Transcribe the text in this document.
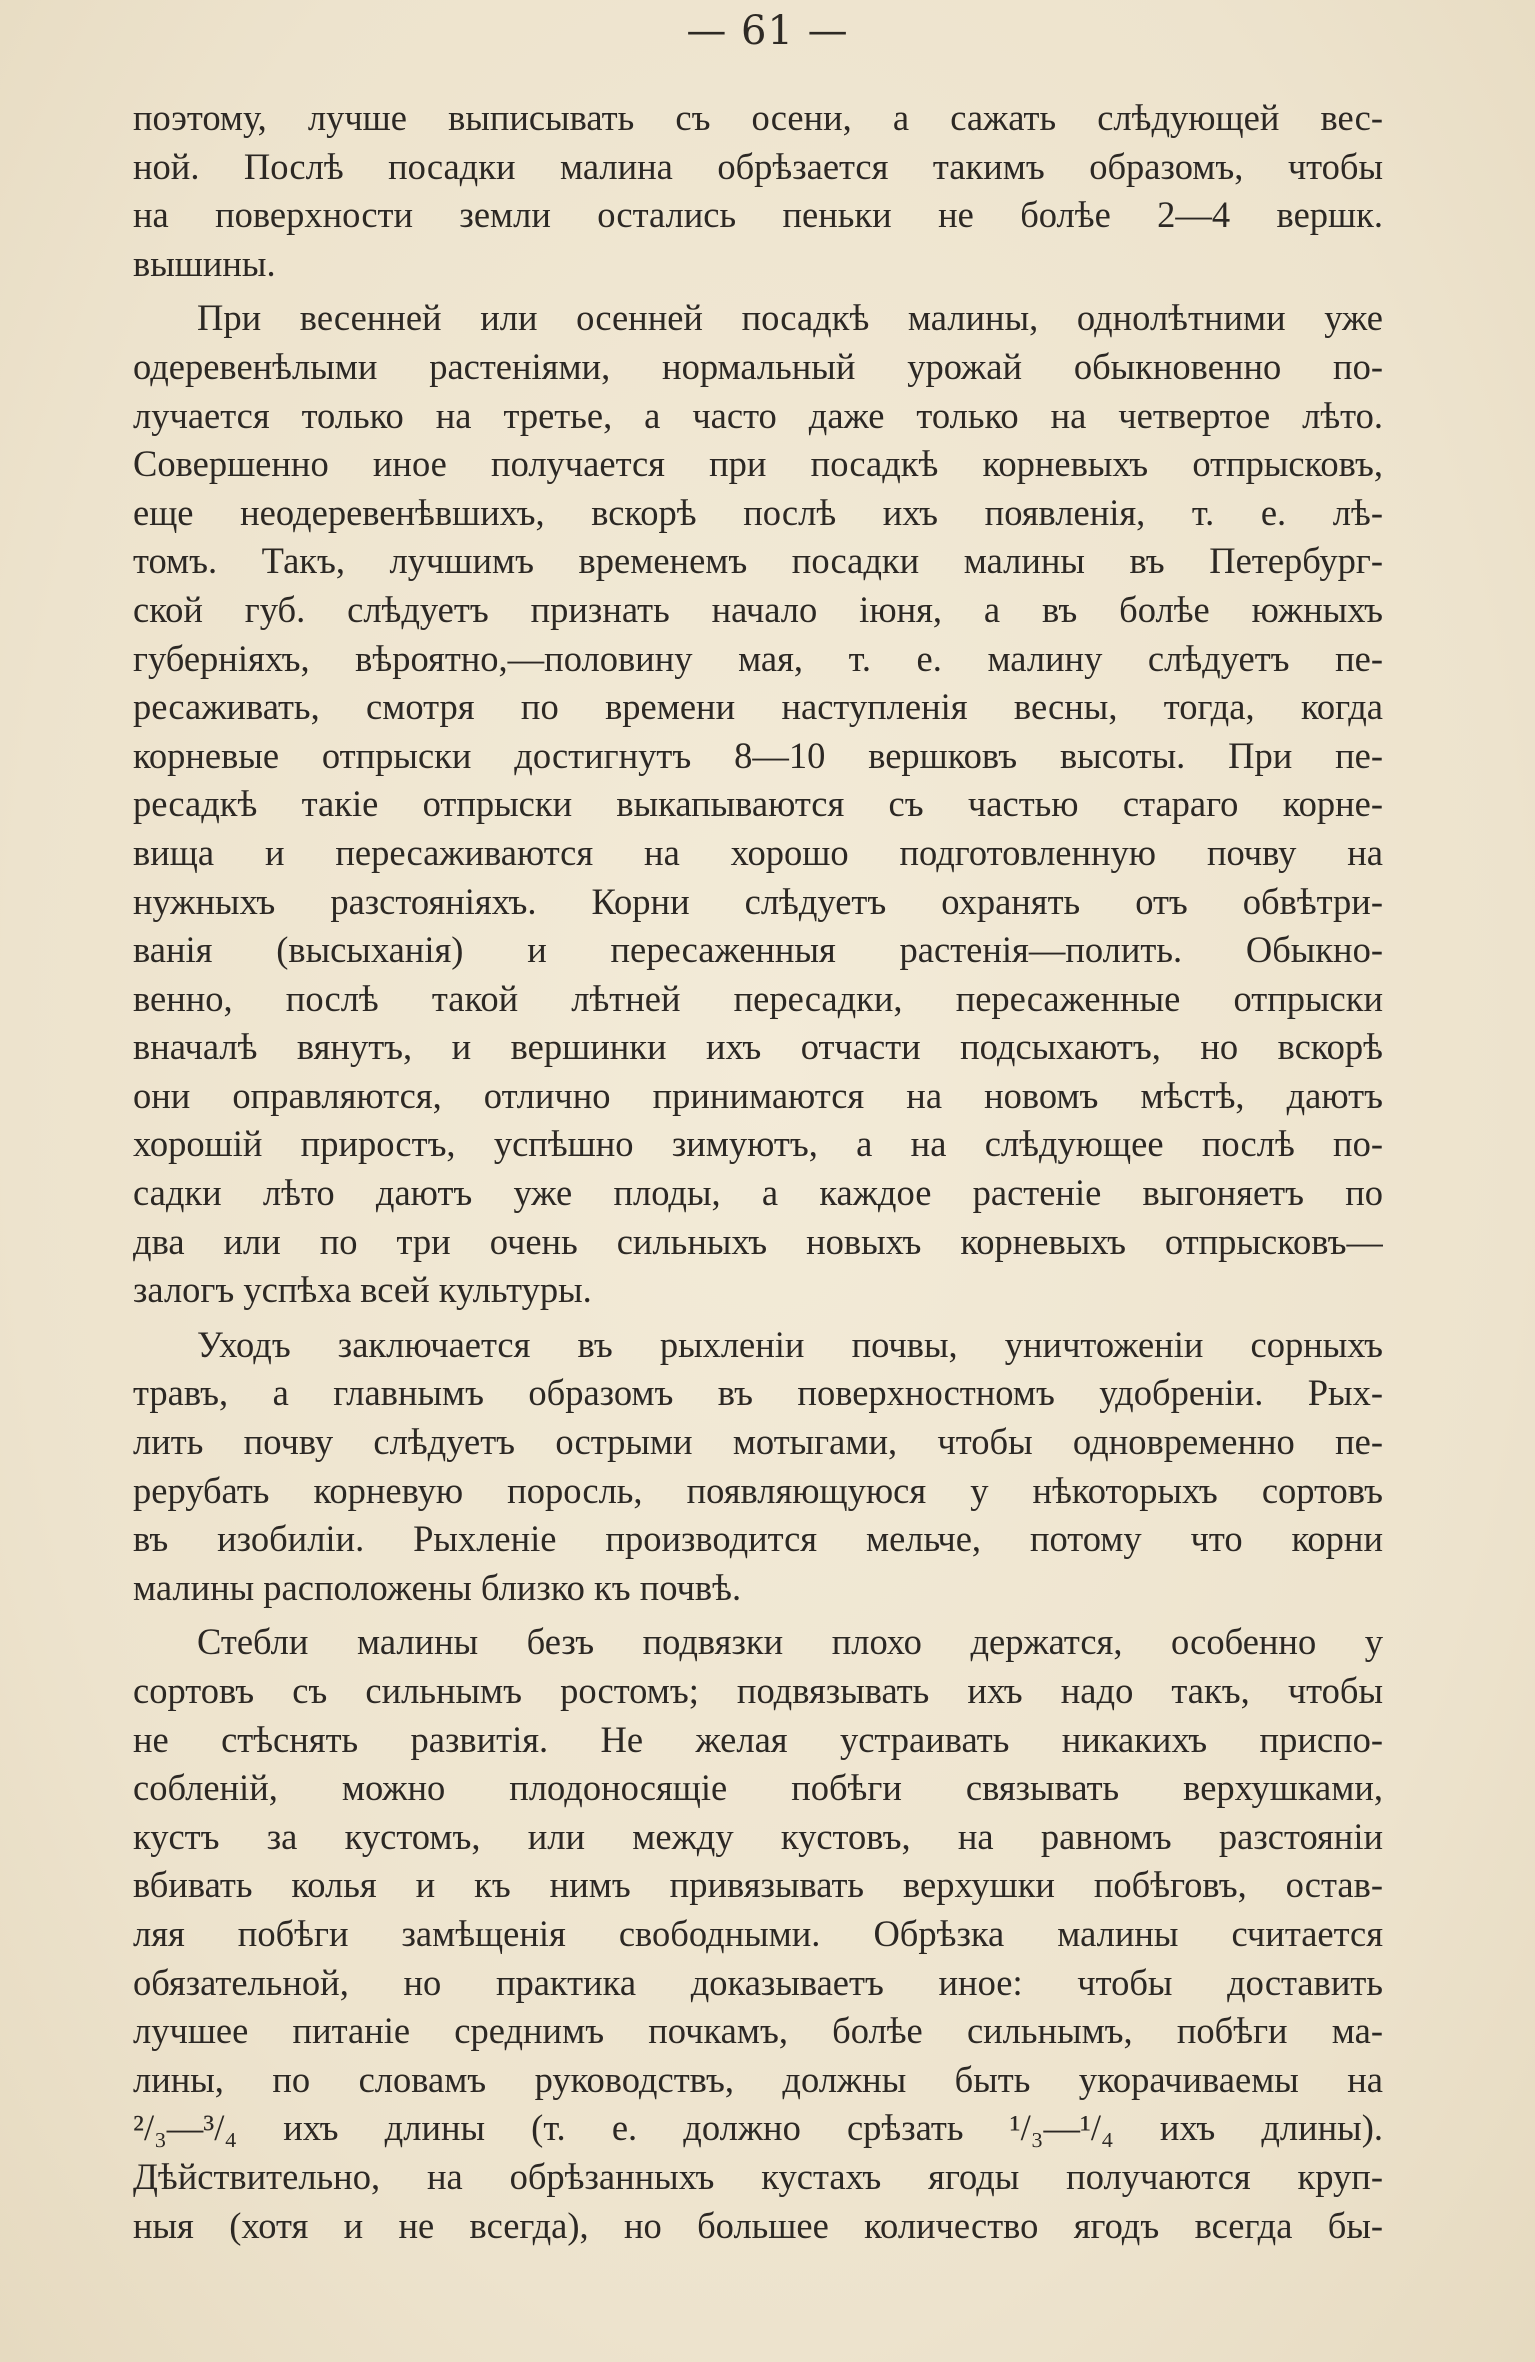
— 61 —
поэтому, лучше выписывать съ осени, а сажать слѣдующей вес-
ной. Послѣ посадки малина обрѣзается такимъ образомъ, чтобы
на поверхности земли остались пеньки не болѣе 2—4 вершк.
вышины.
При весенней или осенней посадкѣ малины, однолѣтними уже
одеревенѣлыми растеніями, нормальный урожай обыкновенно по-
лучается только на третье, а часто даже только на четвертое лѣто.
Совершенно иное получается при посадкѣ корневыхъ отпрысковъ,
еще неодеревенѣвшихъ, вскорѣ послѣ ихъ появленія, т. е. лѣ-
томъ. Такъ, лучшимъ временемъ посадки малины въ Петербург-
ской губ. слѣдуетъ признать начало іюня, а въ болѣе южныхъ
губерніяхъ, вѣроятно,—половину мая, т. е. малину слѣдуетъ пе-
ресаживать, смотря по времени наступленія весны, тогда, когда
корневые отпрыски достигнутъ 8—10 вершковъ высоты. При пе-
ресадкѣ такіе отпрыски выкапываются съ частью стараго корне-
вища и пересаживаются на хорошо подготовленную почву на
нужныхъ разстояніяхъ. Корни слѣдуетъ охранять отъ обвѣтри-
ванія (высыханія) и пересаженныя растенія—полить. Обыкно-
венно, послѣ такой лѣтней пересадки, пересаженные отпрыски
вначалѣ вянутъ, и вершинки ихъ отчасти подсыхаютъ, но вскорѣ
они оправляются, отлично принимаются на новомъ мѣстѣ, даютъ
хорошій приростъ, успѣшно зимуютъ, а на слѣдующее послѣ по-
садки лѣто даютъ уже плоды, а каждое растеніе выгоняетъ по
два или по три очень сильныхъ новыхъ корневыхъ отпрысковъ—
залогъ успѣха всей культуры.
Уходъ заключается въ рыхленіи почвы, уничтоженіи сорныхъ
травъ, а главнымъ образомъ въ поверхностномъ удобреніи. Рых-
лить почву слѣдуетъ острыми мотыгами, чтобы одновременно пе-
рерубать корневую поросль, появляющуюся у нѣкоторыхъ сортовъ
въ изобиліи. Рыхленіе производится мельче, потому что корни
малины расположены близко къ почвѣ.
Стебли малины безъ подвязки плохо держатся, особенно у
сортовъ съ сильнымъ ростомъ; подвязывать ихъ надо такъ, чтобы
не стѣснять развитія. Не желая устраивать никакихъ приспо-
собленій, можно плодоносящіе побѣги связывать верхушками,
кустъ за кустомъ, или между кустовъ, на равномъ разстояніи
вбивать колья и къ нимъ привязывать верхушки побѣговъ, остав-
ляя побѣги замѣщенія свободными. Обрѣзка малины считается
обязательной, но практика доказываетъ иное: чтобы доставить
лучшее питаніе среднимъ почкамъ, болѣе сильнымъ, побѣги ма-
лины, по словамъ руководствъ, должны быть укорачиваемы на
²/₃—³/₄ ихъ длины (т. е. должно срѣзать ¹/₃—¹/₄ ихъ длины).
Дѣйствительно, на обрѣзанныхъ кустахъ ягоды получаются круп-
ныя (хотя и не всегда), но большее количество ягодъ всегда бы-
